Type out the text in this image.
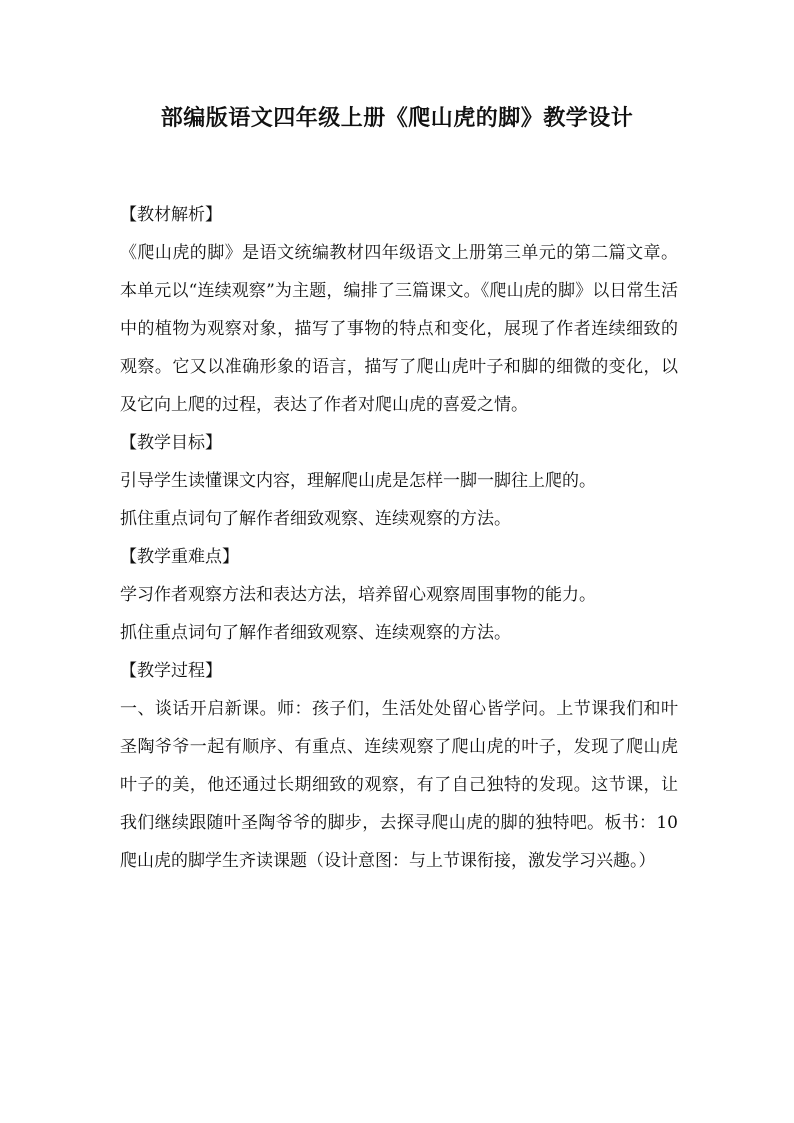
部编版语文四年级上册《爬山虎的脚》教学设计

【教材解析】

《爬山虎的脚》是语文统编教材四年级语文上册第三单元的第二篇文章。本单元以“连续观察”为主题，编排了三篇课文。《爬山虎的脚》以日常生活中的植物为观察对象，描写了事物的特点和变化，展现了作者连续细致的观察。它又以准确形象的语言，描写了爬山虎叶子和脚的细微的变化，以及它向上爬的过程，表达了作者对爬山虎的喜爱之情。

【教学目标】

引导学生读懂课文内容，理解爬山虎是怎样一脚一脚往上爬的。

抓住重点词句了解作者细致观察、连续观察的方法。

【教学重难点】

学习作者观察方法和表达方法，培养留心观察周围事物的能力。

抓住重点词句了解作者细致观察、连续观察的方法。

【教学过程】

一、谈话开启新课。师：孩子们，生活处处留心皆学问。上节课我们和叶圣陶爷爷一起有顺序、有重点、连续观察了爬山虎的叶子，发现了爬山虎叶子的美，他还通过长期细致的观察，有了自己独特的发现。这节课，让我们继续跟随叶圣陶爷爷的脚步，去探寻爬山虎的脚的独特吧。板书：10　爬山虎的脚学生齐读课题（设计意图：与上节课衔接，激发学习兴趣。）
